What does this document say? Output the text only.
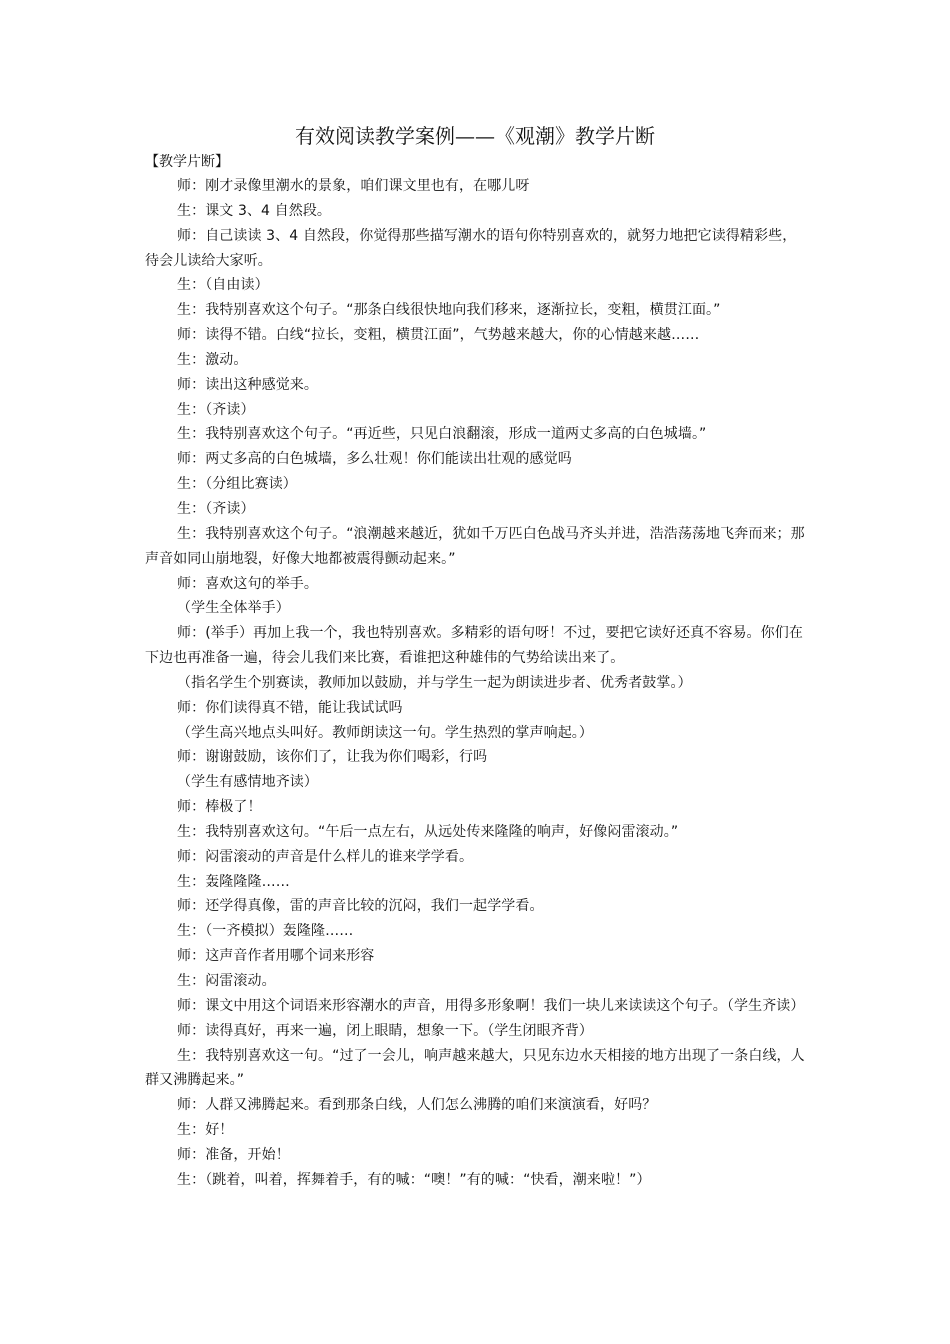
有效阅读教学案例——《观潮》教学片断
【教学片断】

师：刚才录像里潮水的景象，咱们课文里也有，在哪儿呀

生：课文 3、4 自然段。

师：自己读读 3、4 自然段，你觉得那些描写潮水的语句你特别喜欢的，就努力地把它读得精彩些，待会儿读给大家听。

生：（自由读）

生：我特别喜欢这个句子。“那条白线很快地向我们移来，逐渐拉长，变粗，横贯江面。”

师：读得不错。白线“拉长，变粗，横贯江面”，气势越来越大，你的心情越来越……

生：激动。

师：读出这种感觉来。

生：（齐读）

生：我特别喜欢这个句子。“再近些，只见白浪翻滚，形成一道两丈多高的白色城墙。”

师：两丈多高的白色城墙，多么壮观！你们能读出壮观的感觉吗

生：（分组比赛读）

生：（齐读）

生：我特别喜欢这个句子。“浪潮越来越近，犹如千万匹白色战马齐头并进，浩浩荡荡地飞奔而来；那声音如同山崩地裂，好像大地都被震得颤动起来。”

师：喜欢这句的举手。

（学生全体举手）

师：(举手）再加上我一个，我也特别喜欢。多精彩的语句呀！不过，要把它读好还真不容易。你们在下边也再准备一遍，待会儿我们来比赛，看谁把这种雄伟的气势给读出来了。

（指名学生个别赛读，教师加以鼓励，并与学生一起为朗读进步者、优秀者鼓掌。）

师：你们读得真不错，能让我试试吗

（学生高兴地点头叫好。教师朗读这一句。学生热烈的掌声响起。）

师：谢谢鼓励，该你们了，让我为你们喝彩，行吗

（学生有感情地齐读）

师：棒极了！

生：我特别喜欢这句。“午后一点左右，从远处传来隆隆的响声，好像闷雷滚动。”

师：闷雷滚动的声音是什么样儿的谁来学学看。

生：轰隆隆隆……

师：还学得真像，雷的声音比较的沉闷，我们一起学学看。

生：（一齐模拟）轰隆隆……

师：这声音作者用哪个词来形容

生：闷雷滚动。

师：课文中用这个词语来形容潮水的声音，用得多形象啊！我们一块儿来读读这个句子。（学生齐读）

师：读得真好，再来一遍，闭上眼睛，想象一下。（学生闭眼齐背）

生：我特别喜欢这一句。“过了一会儿，响声越来越大，只见东边水天相接的地方出现了一条白线，人群又沸腾起来。”

师：人群又沸腾起来。看到那条白线，人们怎么沸腾的咱们来演演看，好吗？

生：好！

师：准备，开始！

生：（跳着，叫着，挥舞着手，有的喊：“噢！”有的喊：“快看，潮来啦！”）
